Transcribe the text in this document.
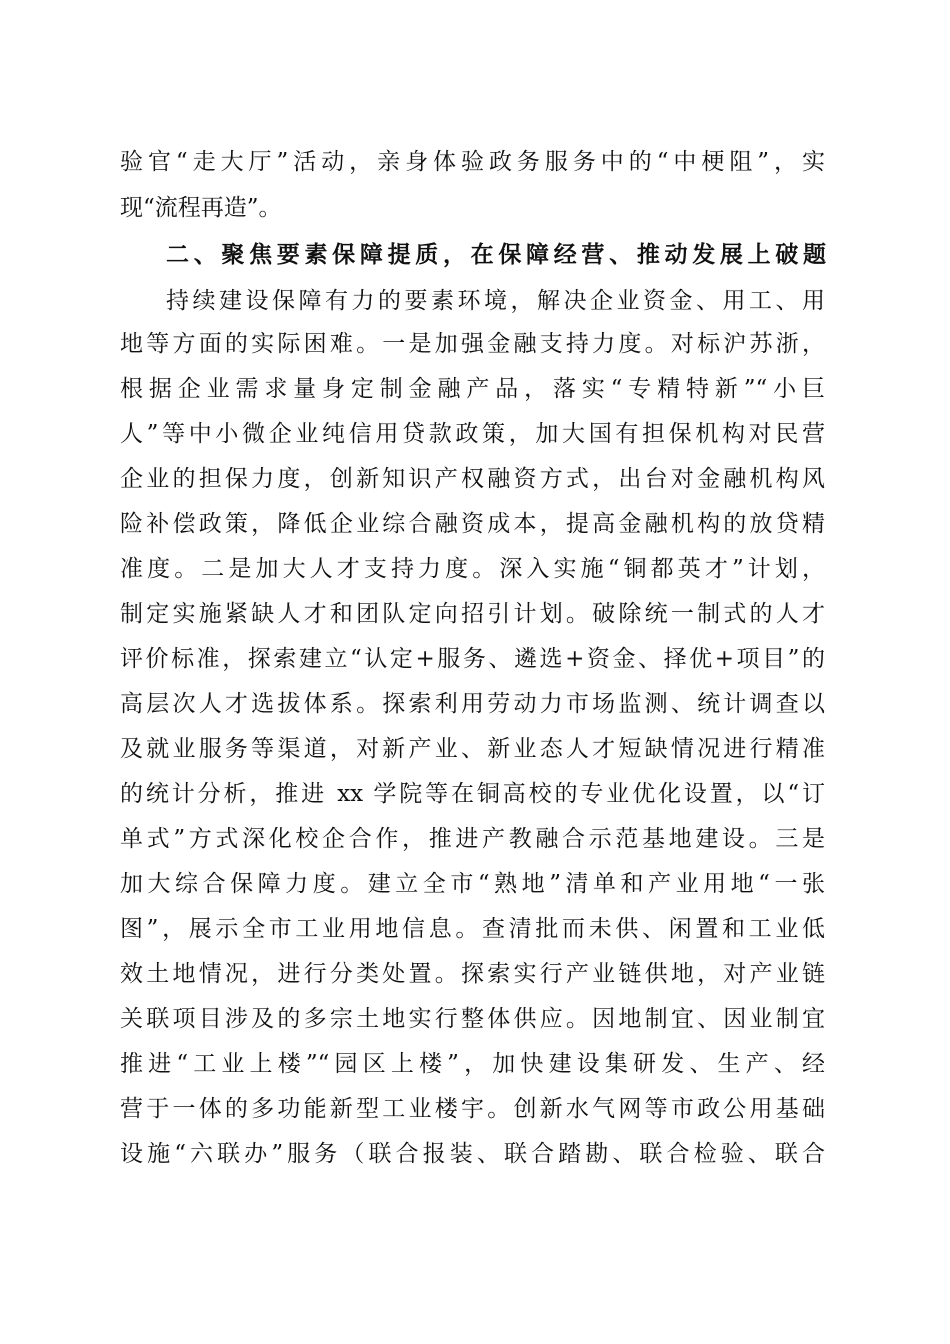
验官“走大厅”活动，亲身体验政务服务中的“中梗阻”，实
现“流程再造”。
二、聚焦要素保障提质，在保障经营、推动发展上破题
持续建设保障有力的要素环境，解决企业资金、用工、用
地等方面的实际困难。一是加强金融支持力度。对标沪苏浙，
根据企业需求量身定制金融产品，落实“专精特新”“小巨
人”等中小微企业纯信用贷款政策，加大国有担保机构对民营
企业的担保力度，创新知识产权融资方式，出台对金融机构风
险补偿政策，降低企业综合融资成本，提高金融机构的放贷精
准度。二是加大人才支持力度。深入实施“铜都英才”计划，
制定实施紧缺人才和团队定向招引计划。破除统一制式的人才
评价标准，探索建立“认定+服务、遴选+资金、择优+项目”的
高层次人才选拔体系。探索利用劳动力市场监测、统计调查以
及就业服务等渠道，对新产业、新业态人才短缺情况进行精准
的统计分析，推进 xx 学院等在铜高校的专业优化设置，以“订
单式”方式深化校企合作，推进产教融合示范基地建设。三是
加大综合保障力度。建立全市“熟地”清单和产业用地“一张
图”，展示全市工业用地信息。查清批而未供、闲置和工业低
效土地情况，进行分类处置。探索实行产业链供地，对产业链
关联项目涉及的多宗土地实行整体供应。因地制宜、因业制宜
推进“工业上楼”“园区上楼”，加快建设集研发、生产、经
营于一体的多功能新型工业楼宇。创新水气网等市政公用基础
设施“六联办”服务（联合报装、联合踏勘、联合检验、联合
